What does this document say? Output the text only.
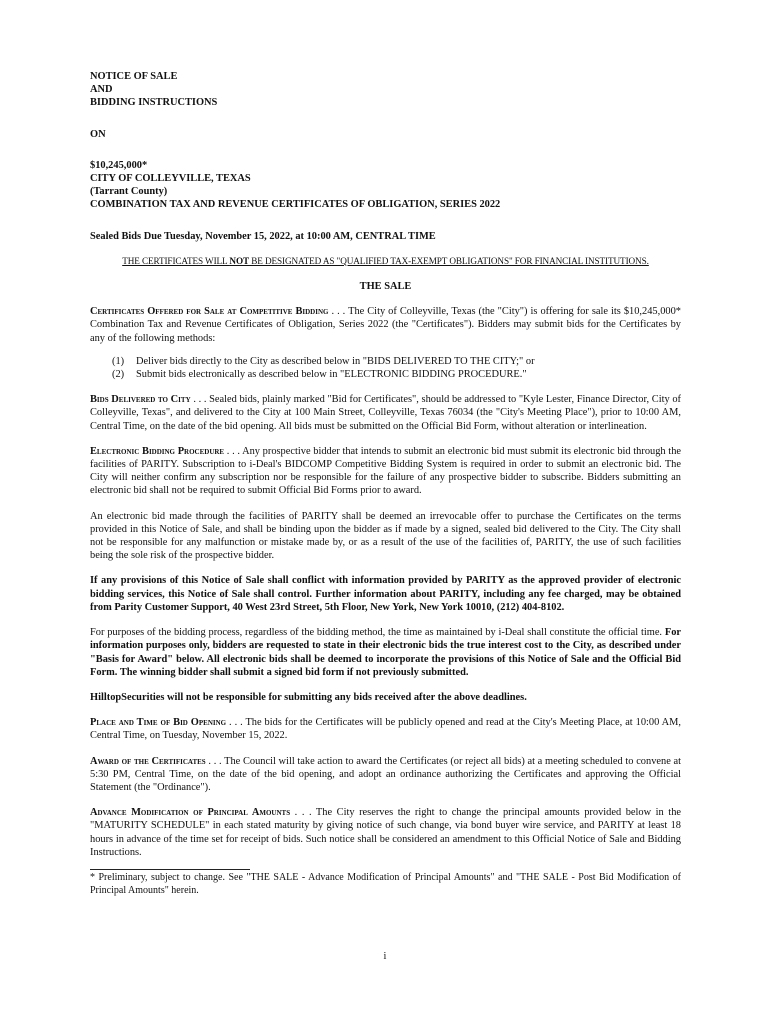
NOTICE OF SALE

AND

BIDDING INSTRUCTIONS

ON

$10,245,000*

CITY OF COLLEYVILLE, TEXAS

(Tarrant County)

COMBINATION TAX AND REVENUE CERTIFICATES OF OBLIGATION, SERIES 2022

Sealed Bids Due Tuesday, November 15, 2022, at 10:00 AM, CENTRAL TIME

THE CERTIFICATES WILL NOT BE DESIGNATED AS "QUALIFIED TAX-EXEMPT OBLIGATIONS" FOR FINANCIAL INSTITUTIONS.

THE SALE

Certificates Offered for Sale at Competitive Bidding . . . The City of Colleyville, Texas (the "City") is offering for sale its $10,245,000* Combination Tax and Revenue Certificates of Obligation, Series 2022 (the "Certificates"). Bidders may submit bids for the Certificates by any of the following methods:

(1) Deliver bids directly to the City as described below in "BIDS DELIVERED TO THE CITY;" or
(2) Submit bids electronically as described below in "ELECTRONIC BIDDING PROCEDURE."

Bids Delivered to City . . . Sealed bids, plainly marked "Bid for Certificates", should be addressed to "Kyle Lester, Finance Director, City of Colleyville, Texas", and delivered to the City at 100 Main Street, Colleyville, Texas 76034 (the "City's Meeting Place"), prior to 10:00 AM, Central Time, on the date of the bid opening. All bids must be submitted on the Official Bid Form, without alteration or interlineation.

Electronic Bidding Procedure . . . Any prospective bidder that intends to submit an electronic bid must submit its electronic bid through the facilities of PARITY. Subscription to i-Deal's BIDCOMP Competitive Bidding System is required in order to submit an electronic bid. The City will neither confirm any subscription nor be responsible for the failure of any prospective bidder to subscribe. Bidders submitting an electronic bid shall not be required to submit Official Bid Forms prior to award.

An electronic bid made through the facilities of PARITY shall be deemed an irrevocable offer to purchase the Certificates on the terms provided in this Notice of Sale, and shall be binding upon the bidder as if made by a signed, sealed bid delivered to the City. The City shall not be responsible for any malfunction or mistake made by, or as a result of the use of the facilities of, PARITY, the use of such facilities being the sole risk of the prospective bidder.

If any provisions of this Notice of Sale shall conflict with information provided by PARITY as the approved provider of electronic bidding services, this Notice of Sale shall control. Further information about PARITY, including any fee charged, may be obtained from Parity Customer Support, 40 West 23rd Street, 5th Floor, New York, New York 10010, (212) 404-8102.

For purposes of the bidding process, regardless of the bidding method, the time as maintained by i-Deal shall constitute the official time. For information purposes only, bidders are requested to state in their electronic bids the true interest cost to the City, as described under "Basis for Award" below. All electronic bids shall be deemed to incorporate the provisions of this Notice of Sale and the Official Bid Form. The winning bidder shall submit a signed bid form if not previously submitted.

HilltopSecurities will not be responsible for submitting any bids received after the above deadlines.

Place and Time of Bid Opening . . . The bids for the Certificates will be publicly opened and read at the City's Meeting Place, at 10:00 AM, Central Time, on Tuesday, November 15, 2022.

Award of the Certificates . . . The Council will take action to award the Certificates (or reject all bids) at a meeting scheduled to convene at 5:30 PM, Central Time, on the date of the bid opening, and adopt an ordinance authorizing the Certificates and approving the Official Statement (the "Ordinance").

Advance Modification of Principal Amounts . . . The City reserves the right to change the principal amounts provided below in the "MATURITY SCHEDULE" in each stated maturity by giving notice of such change, via bond buyer wire service, and PARITY at least 18 hours in advance of the time set for receipt of bids. Such notice shall be considered an amendment to this Official Notice of Sale and Bidding Instructions.

* Preliminary, subject to change. See "THE SALE - Advance Modification of Principal Amounts" and "THE SALE - Post Bid Modification of Principal Amounts" herein.

i
